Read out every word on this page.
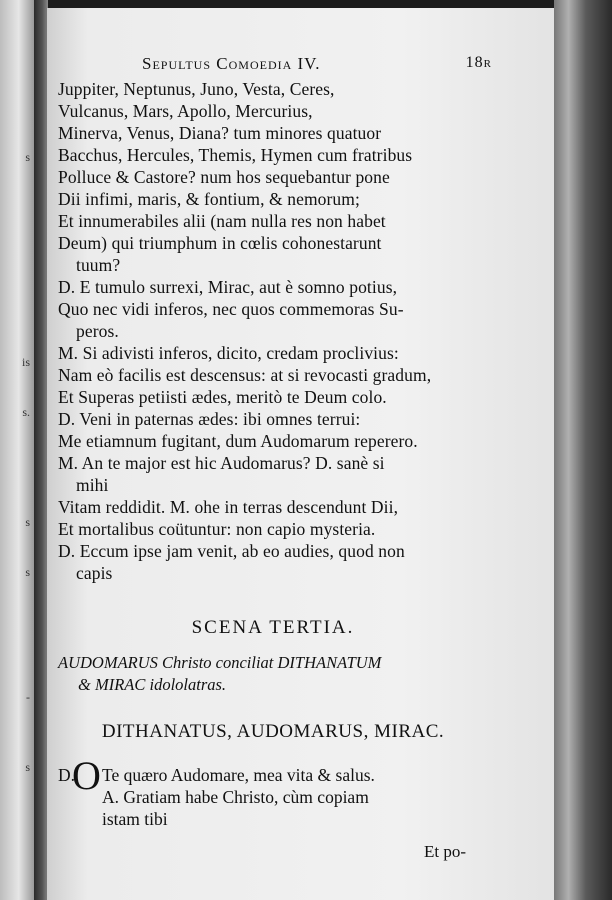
s
is
s.
s
s
-
s
Sepultus Comoedia IV.	18r
Juppiter, Neptunus, Juno, Vesta, Ceres,
Vulcanus, Mars, Apollo, Mercurius,
Minerva, Venus, Diana? tum minores quatuor
Bacchus, Hercules, Themis, Hymen cum fratribus
Polluce & Castore? num hos sequebantur pone
Dii infimi, maris, & fontium, & nemorum;
Et innumerabiles alii (nam nulla res non habet
Deum) qui triumphum in cœlis cohonestarunt
tuum?
D. E tumulo surrexi, Mirac, aut è somno potius,
Quo nec vidi inferos, nec quos commemoras Su-
peros.
M. Si adivisti inferos, dicito, credam proclivius:
Nam eò facilis est descensus: at si revocasti gradum,
Et Superas petiisti ædes, meritò te Deum colo.
D. Veni in paternas ædes: ibi omnes terrui:
Me etiamnum fugitant, dum Audomarum reperero.
M. An te major est hic Audomarus? D. sanè si
mihi
Vitam reddidit. M. ohe in terras descendunt Dii,
Et mortalibus coütuntur: non capio mysteria.
D. Eccum ipse jam venit, ab eo audies, quod non
capis
SCENA TERTIA.
AUDOMARUS Christo conciliat DITHANATUM
& MIRAC idololatras.
DITHANATUS, AUDOMARUS, MIRAC.
D.
O Te quæro Audomare, mea vita & salus.
A. Gratiam habe Christo, cùm copiam
istam tibi
Et po-
